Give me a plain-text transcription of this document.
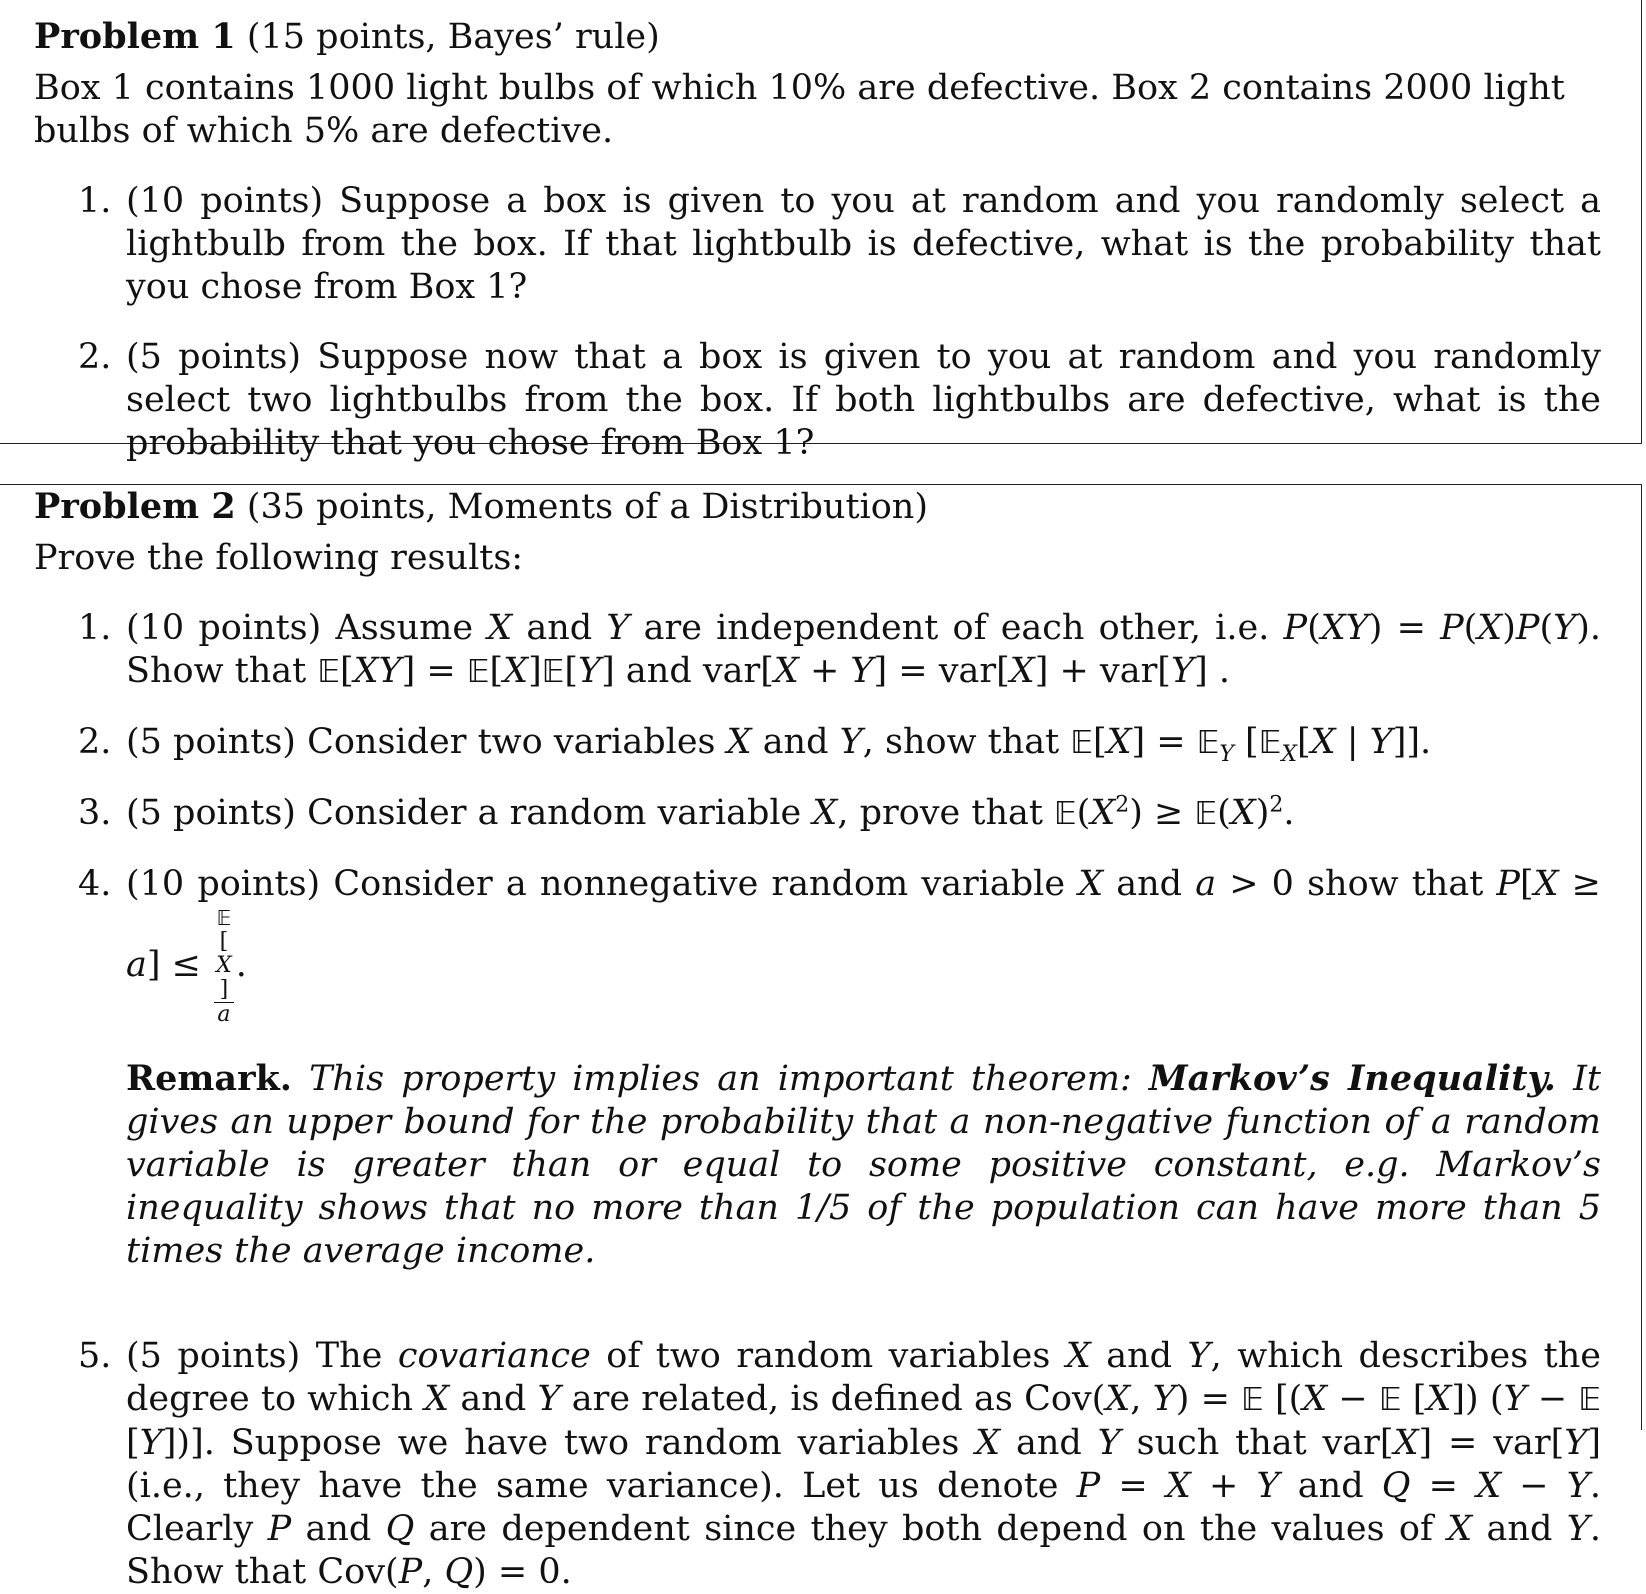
Problem 1 (15 points, Bayes’ rule)

Box 1 contains 1000 light bulbs of which 10% are defective. Box 2 contains 2000 light bulbs of which 5% are defective.

1. (10 points) Suppose a box is given to you at random and you randomly select a lightbulb from the box. If that lightbulb is defective, what is the probability that you chose from Box 1?
2. (5 points) Suppose now that a box is given to you at random and you randomly select two lightbulbs from the box. If both lightbulbs are defective, what is the probability that you chose from Box 1?
Problem 2 (35 points, Moments of a Distribution)

Prove the following results:

1. (10 points) Assume X and Y are independent of each other, i.e. P(XY) = P(X)P(Y). Show that 𝔼[XY] = 𝔼[X]𝔼[Y] and var[X + Y] = var[X] + var[Y] .
2. (5 points) Consider two variables X and Y, show that 𝔼[X] = 𝔼$_Y$ [𝔼$_X$[X | Y]].
3. (5 points) Consider a random variable X, prove that $𝔼(X^2)$ ≥ $𝔼(X)^2$.
4. (10 points) Consider a nonnegative random variable X and a > 0 show that P[X ≥ a] ≤ 𝔼
[
X
]
a .
Remark. This property implies an important theorem: Markov’s Inequality. It gives an upper bound for the probability that a non-negative function of a random variable is greater than or equal to some positive constant, e.g. Markov’s inequality shows that no more than 1/5 of the population can have more than 5 times the average income.
5. (5 points) The covariance of two random variables X and Y, which describes the degree to which X and Y are related, is defined as Cov(X, Y) = 𝔼 [(X − 𝔼 [X]) (Y − 𝔼 [Y])]. Suppose we have two random variables X and Y such that var[X] = var[Y] (i.e., they have the same variance). Let us denote P = X + Y and Q = X − Y. Clearly P and Q are dependent since they both depend on the values of X and Y. Show that Cov(P, Q) = 0.
